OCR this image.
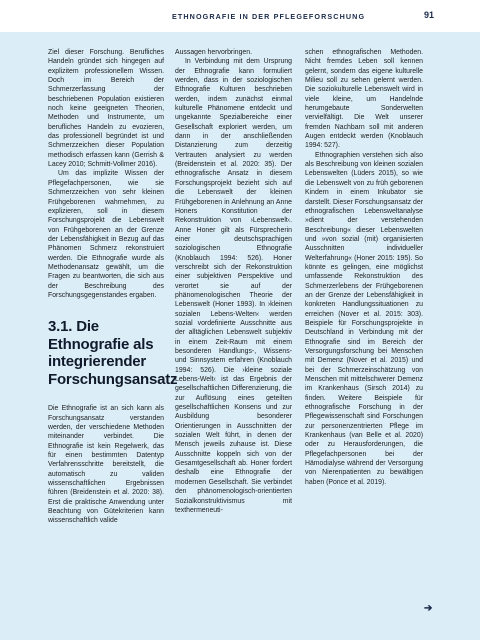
ETHNOGRAFIE IN DER PFLEGEFORSCHUNG	91

Ziel dieser Forschung. Berufliches Handeln gründet sich hingegen auf explizitem professionellem Wissen. Doch im Bereich der Schmerzerfassung der beschriebenen Population existieren noch keine geeigneten Theorien, Methoden und Instrumente, um berufliches Handeln zu evozieren, das professionell begründet ist und Schmerzzeichen dieser Population methodisch erfassen kann (Gerrish & Lacey 2010; Schmitt-Vollmer 2016).

Um das implizite Wissen der Pflegefachpersonen, wie sie Schmerzzeichen von sehr kleinen Frühgeborenen wahrnehmen, zu explizieren, soll in diesem Forschungsprojekt die Lebenswelt von Frühgeborenen an der Grenze der Lebensfähigkeit in Bezug auf das Phänomen Schmerz rekonstruiert werden. Die Ethnografie wurde als Methodenansatz gewählt, um die Fragen zu beantworten, die sich aus der Beschreibung des Forschungsgegenstandes ergaben.

3.1. Die Ethnografie als integrierender Forschungsansatz

Die Ethnografie ist an sich kann als Forschungsansatz verstanden werden, der verschiedene Methoden miteinander verbindet. Die Ethnografie ist kein Regelwerk, das für einen bestimmten Datentyp Verfahrensschritte bereitstellt, die automatisch zu validen wissenschaftlichen Ergebnissen führen (Breidenstein et al. 2020: 38). Erst die praktische Anwendung unter Beachtung von Gütekriterien kann wissenschaftlich valide

Aussagen hervorbringen.

In Verbindung mit dem Ursprung der Ethnografie kann formuliert werden, dass in der soziologischen Ethnografie Kulturen beschrieben werden, indem zunächst einmal kulturelle Phänomene entdeckt und ungekannte Spezialbereiche einer Gesellschaft exploriert werden, um dann in der anschließenden Distanzierung zum derzeitig Vertrauten analysiert zu werden (Breidenstein et al. 2020: 35). Der ethnografische Ansatz in diesem Forschungsprojekt bezieht sich auf die Lebenswelt der kleinen Frühgeborenen in Anlehnung an Anne Honers Konstitution der Rekonstruktion von ›Lebenswelt‹. Anne Honer gilt als Fürsprecherin einer deutschsprachigen soziologischen Ethnografie (Knoblauch 1994: 526). Honer verschreibt sich der Rekonstruktion einer subjektiven Perspektive und verortet sie auf der phänomenologischen Theorie der Lebenswelt (Honer 1993). In ›kleinen sozialen Lebens-Welten‹ werden sozial vordefinierte Ausschnitte aus der alltäglichen Lebenswelt subjektiv in einem Zeit-Raum mit einem besonderen Handlungs-, Wissens- und Sinnsystem erfahren (Knoblauch 1994: 526). Die ›kleine soziale Lebens-Welt‹ ist das Ergebnis der gesellschaftlichen Differenzierung, die zur Auflösung eines geteilten gesellschaftlichen Konsens und zur Ausbildung besonderer Orientierungen in Ausschnitten der sozialen Welt führt, in denen der Mensch jeweils zuhause ist. Diese Ausschnitte koppeln sich von der Gesamtgesellschaft ab. Honer fordert deshalb eine Ethnografie der modernen Gesellschaft. Sie verbindet den phänomenologisch-orientierten Sozialkonstruktivismus mit texthermeneuti-

schen ethnografischen Methoden. Nicht fremdes Leben soll kennen gelernt, sondern das eigene kulturelle Milieu soll zu sehen gelernt werden. Die soziokulturelle Lebenswelt wird in viele kleine, um Handelnde herumgebaute Sonderwelten vervielfältigt. Die Welt unserer fremden Nachbarn soll mit anderen Augen entdeckt werden (Knoblauch 1994: 527).

Ethnographien verstehen sich also als Beschreibung von kleinen sozialen Lebenswelten (Lüders 2015), so wie die Lebenswelt von zu früh geborenen Kindern in einem Inkubator sie darstellt. Dieser Forschungsansatz der ethnografischen Lebensweltanalyse »dient der verstehenden Beschreibung« dieser Lebenswelten und »von sozial (mit) organisierten Ausschnitten individueller Welterfahrung« (Honer 2015: 195). So könnte es gelingen, eine möglichst umfassende Rekonstruktion des Schmerzerlebens der Frühgeborenen an der Grenze der Lebensfähigkeit in konkreten Handlungssituationen zu erreichen (Nover et al. 2015: 303). Beispiele für Forschungsprojekte in Deutschland in Verbindung mit der Ethnografie sind im Bereich der Versorgungsforschung bei Menschen mit Demenz (Nover et al. 2015) und bei der Schmerzeinschätzung von Menschen mit mittelschwerer Demenz im Krankenhaus (Sirsch 2014) zu finden. Weitere Beispiele für ethnografische Forschung in der Pflegewissenschaft sind Forschungen zur personenzentrierten Pflege im Krankenhaus (van Belle et al. 2020) oder zu Herausforderungen, die Pflegefachpersonen bei der Hämodialyse während der Versorgung von Nierenpatienten zu bewältigen haben (Ponce et al. 2019).

➔
